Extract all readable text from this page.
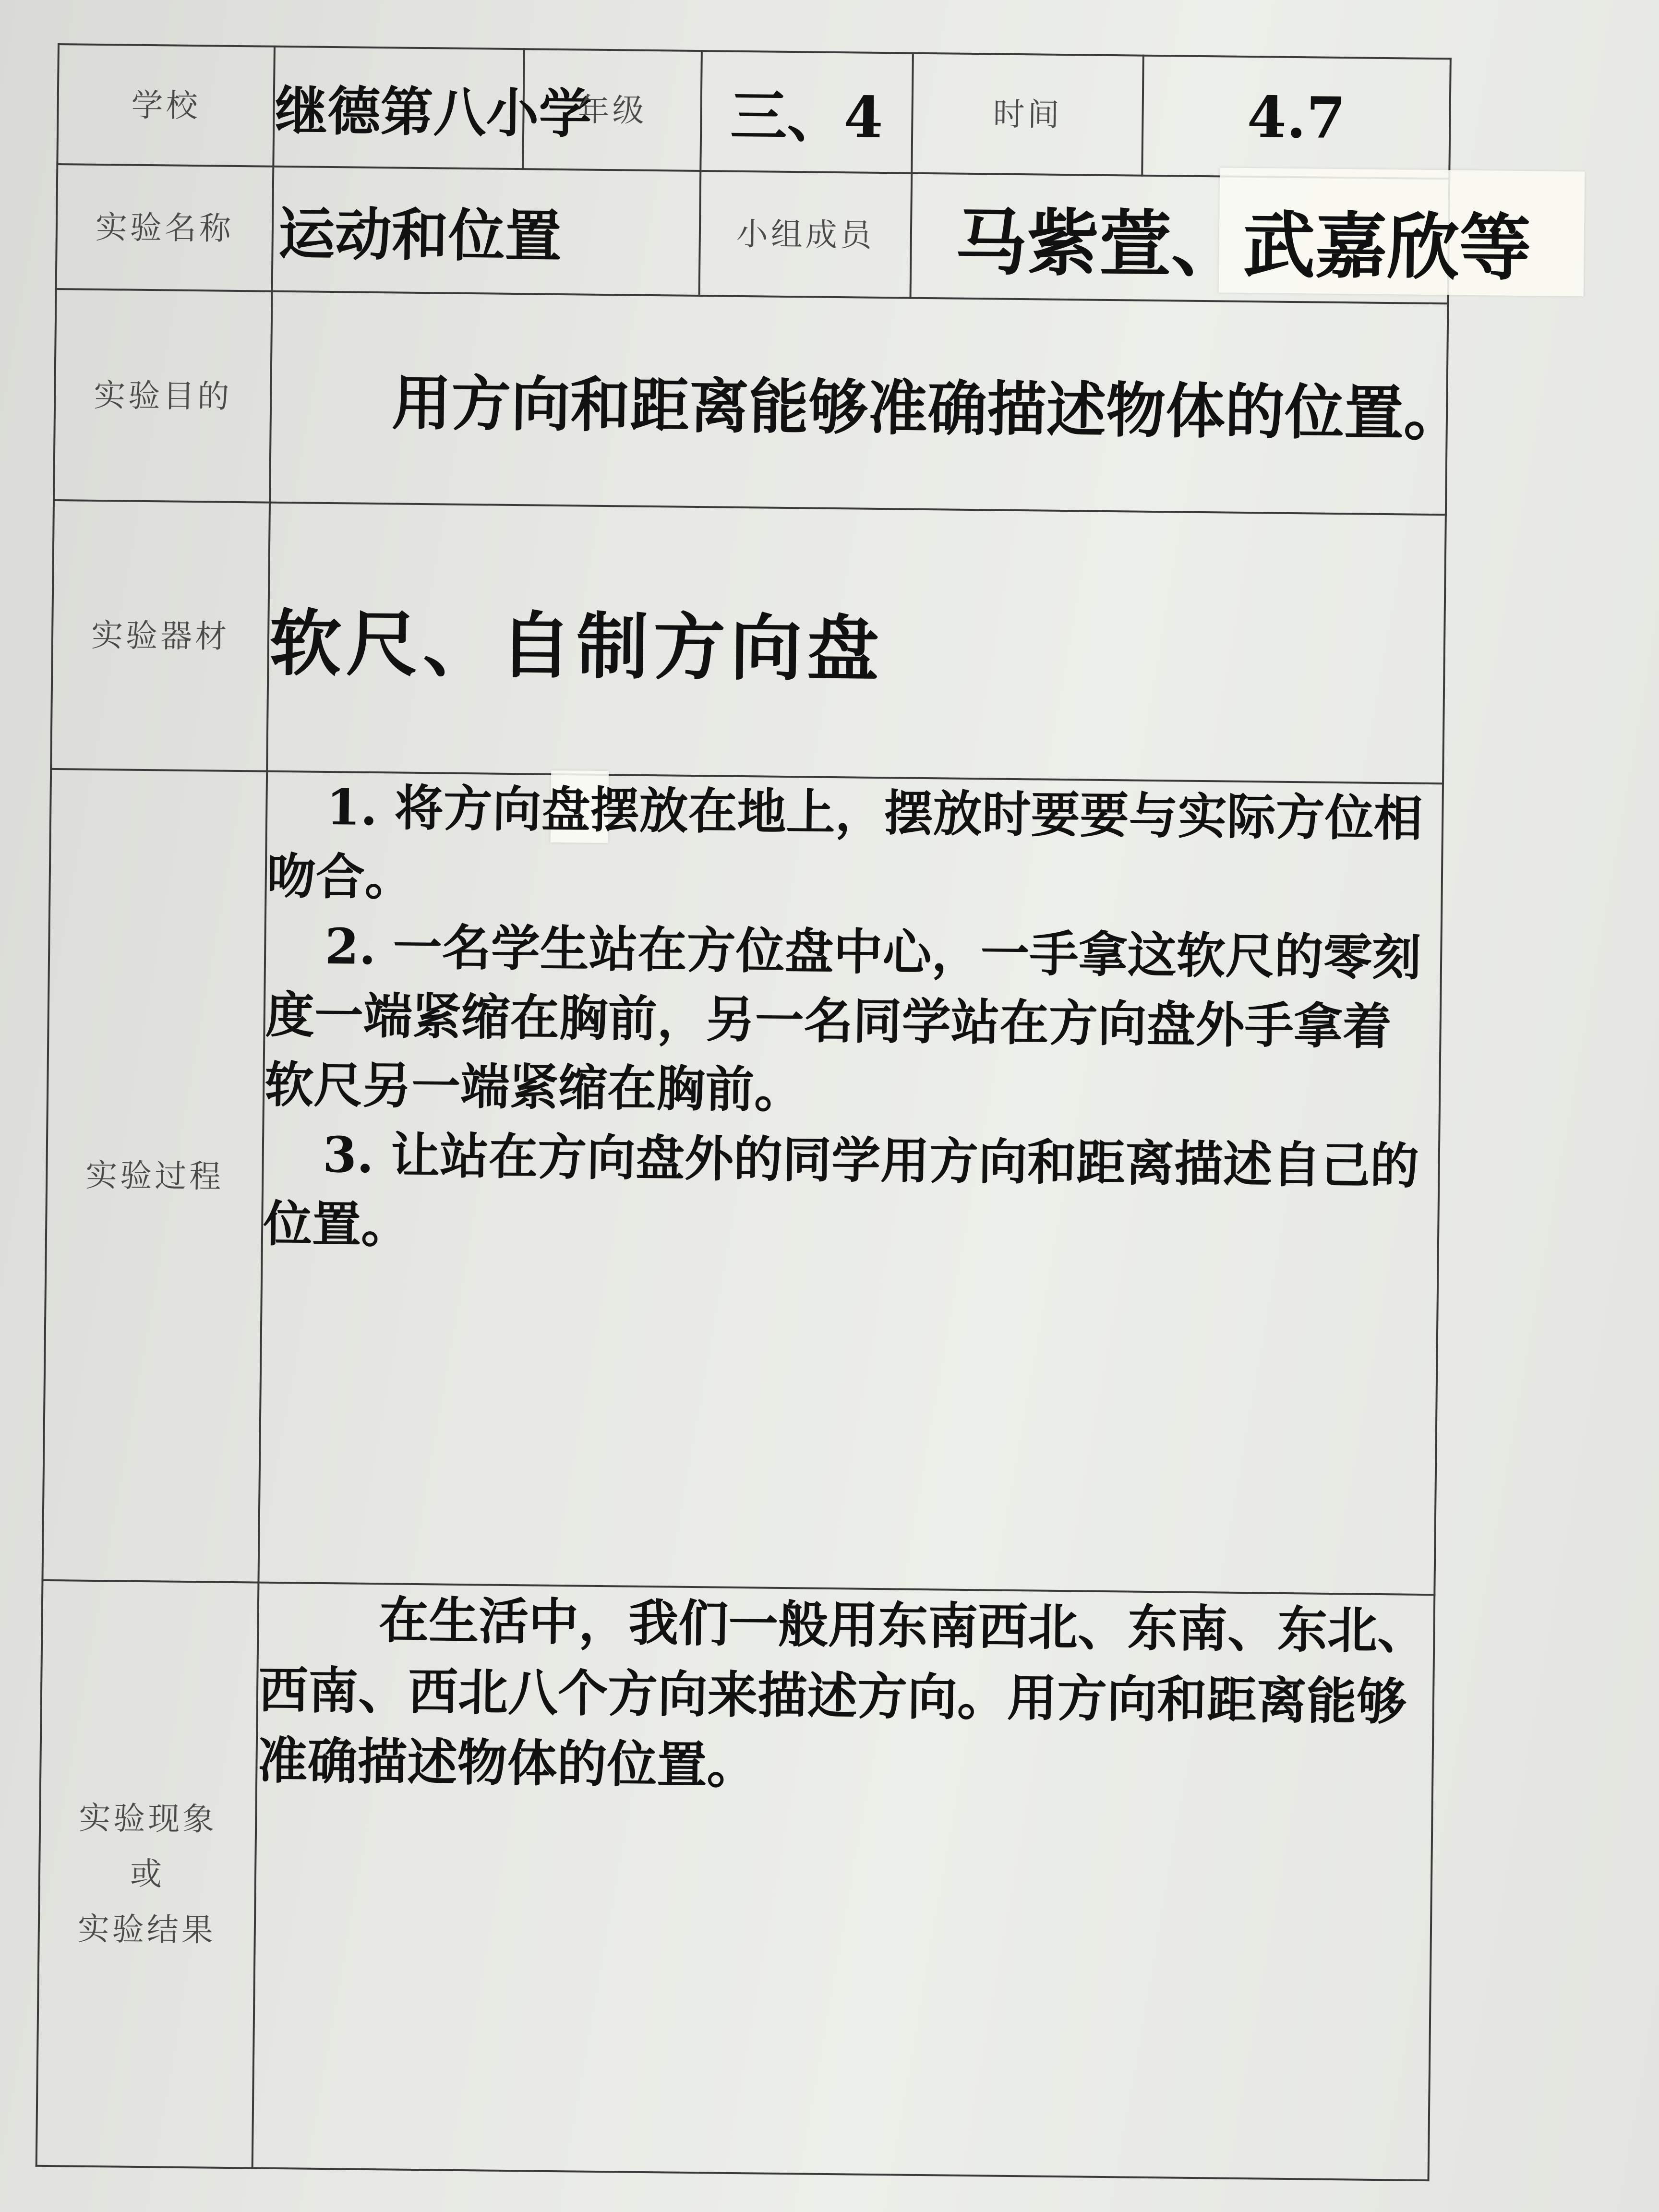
学校	继德第八小学	年级	三、4	时间	4.7
实验名称	运动和位置		小组成员	马紫萱、武嘉欣等	

实验目的	用方向和距离能够准确描述物体的位置。				
实验器材	软尺、自制方向盘				
实验过程	1. 将方向盘摆放在地上，摆放时要要与实际方位相吻合。

2. 一名学生站在方位盘中心，一手拿这软尺的零刻度一端紧缩在胸前，另一名同学站在方向盘外手拿着软尺另一端紧缩在胸前。

3. 让站在方向盘外的同学用方向和距离描述自己的位置。				

实验现象
或
实验结果	在生活中，我们一般用东南西北、东南、东北、西南、西北八个方向来描述方向。用方向和距离能够准确描述物体的位置。				
